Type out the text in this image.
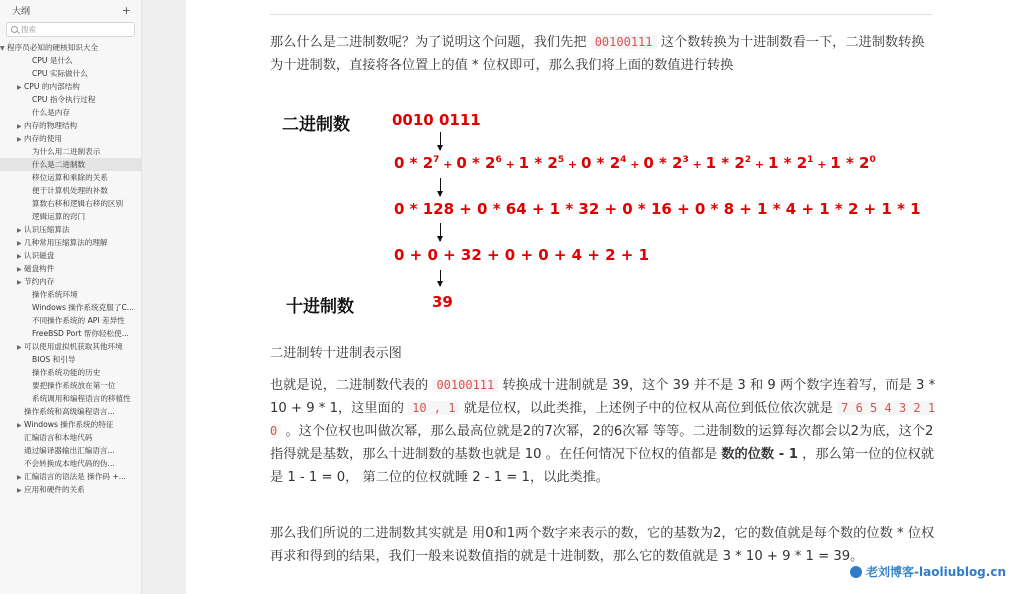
大纲	+
搜索
▼ 程序员必知的硬核知识大全
CPU 是什么
CPU 实际做什么
▶ CPU 的内部结构
CPU 指令执行过程
什么是内存
▶ 内存的物理结构
▶ 内存的使用
为什么用二进制表示
什么是二进制数
移位运算和乘除的关系
便于计算机处理的补数
算数右移和逻辑右移的区别
逻辑运算的窍门
▶ 认识压缩算法
▶ 几种常用压缩算法的理解
▶ 认识磁盘
▶ 磁盘构件
▶ 节约内存
操作系统环境
Windows 操作系统克服了C...
不同操作系统的 API 差异性
FreeBSD Port 帮你轻松使...
▶ 可以使用虚拟机获取其他环境
BIOS 和引导
操作系统功能的历史
要把操作系统放在第一位
系统调用和编程语言的移植性
操作系统和高级编程语言...
▶ Windows 操作系统的特征
汇编语言和本地代码
通过编译器输出汇编语言...
不会转换成本地代码的伪...
▶ 汇编语言的语法是 操作码 +...
▶ 应用和硬件的关系
那么什么是二进制数呢？为了说明这个问题，我们先把 00100111 这个数转换为十进制数看一下，二进制数转换为十进制数，直接将各位置上的值 * 位权即可，那么我们将上面的数值进行转换
二进制数	0010 0111
$0 * 2^7 + 0 * 2^6 + 1 * 2^5 + 0 * 2^4 + 0 * 2^3 + 1 * 2^2 + 1 * 2^1 + 1 * 2^0$
0 * 128 + 0 * 64 + 1 * 32 + 0 * 16 + 0 * 8 + 1 * 4 + 1 * 2 + 1 * 1
0 + 0 + 32 + 0 + 0 + 4 + 2 + 1
十进制数	39
二进制转十进制表示图
也就是说，二进制数代表的 00100111 转换成十进制就是 39，这个 39 并不是 3 和 9 两个数字连着写，而是 3 * 10 + 9 * 1，这里面的 10 , 1 就是位权，以此类推，上述例子中的位权从高位到低位依次就是 7 6 5 4 3 2 1 0 。这个位权也叫做次幂，那么最高位就是2的7次幂，2的6次幂 等等。二进制数的运算每次都会以2为底，这个2 指得就是基数，那么十进制数的基数也就是 10 。在任何情况下位权的值都是 数的位数 - 1 ，那么第一位的位权就是 1 - 1 = 0， 第二位的位权就睡 2 - 1 = 1，以此类推。
那么我们所说的二进制数其实就是 用0和1两个数字来表示的数，它的基数为2，它的数值就是每个数的位数 * 位权再求和得到的结果，我们一般来说数值指的就是十进制数，那么它的数值就是 3 * 10 + 9 * 1 = 39。
老刘博客-laoliublog.cn
